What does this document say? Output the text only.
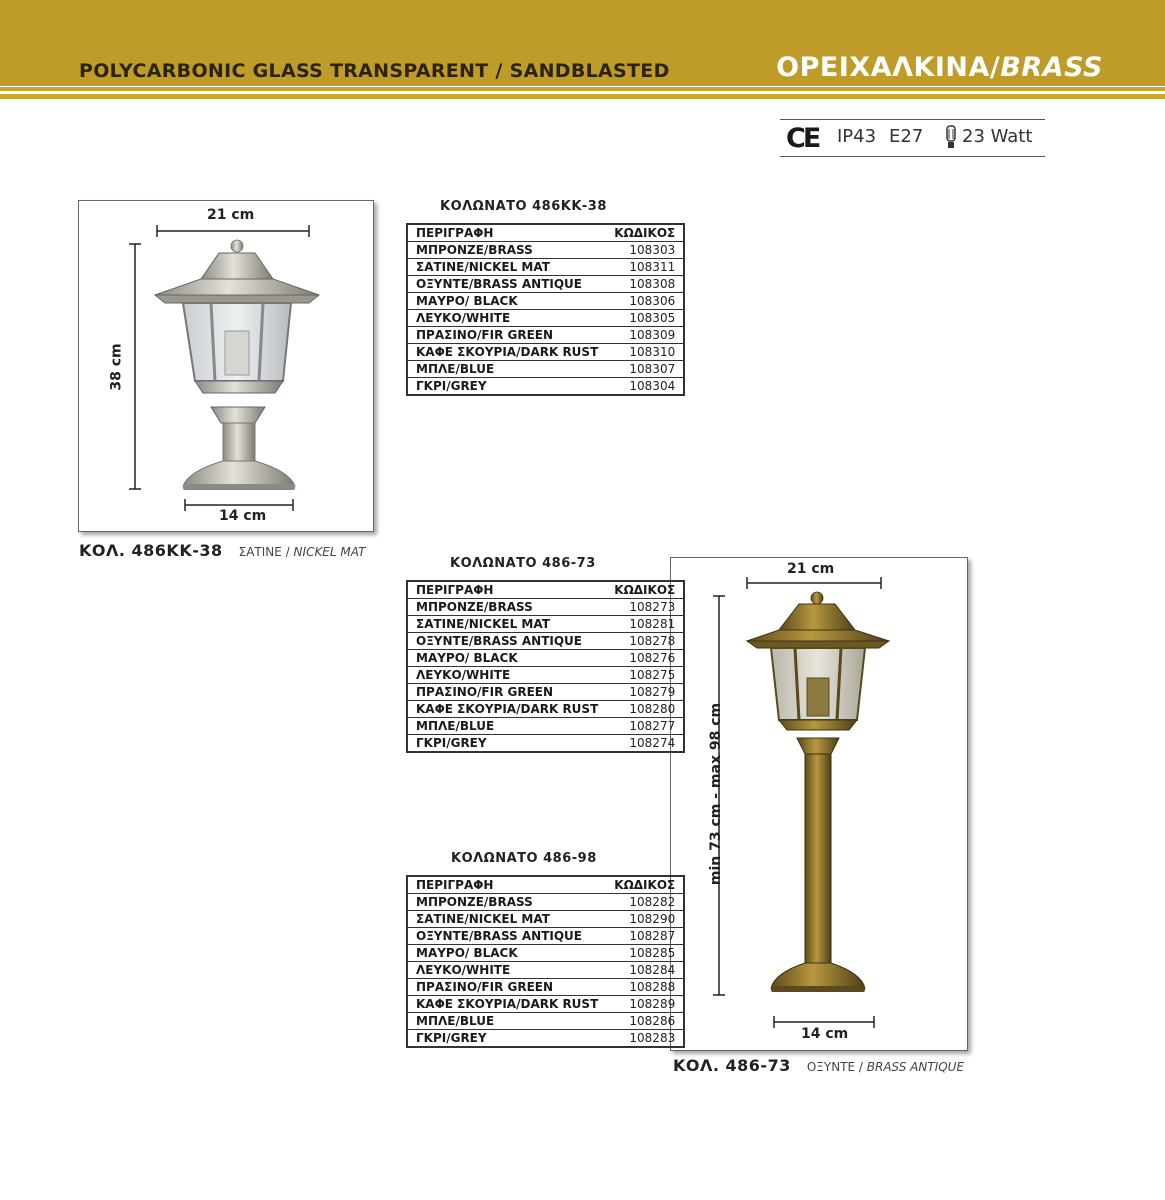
POLYCARBONIC GLASS TRANSPARENT / SANDBLASTED	ΟΡΕΙΧΑΛΚΙΝΑ/BRASS
CE IP43 E27 23 Watt
21 cm
38 cm
14 cm
ΚΟΛ. 486ΚΚ-38 ΣΑΤΙΝΕ / NICKEL MAT
21 cm
min 73 cm - max 98 cm
14 cm
ΚΟΛ. 486-73 ΟΞΥΝΤΕ / BRASS ANTIQUE
ΚΟΛΩΝΑΤΟ 486ΚΚ-38
ΠΕΡΙΓΡΑΦΗ	ΚΩΔΙΚΟΣ
ΜΠΡΟΝΖΕ/BRASS	108303
ΣΑΤΙΝΕ/NICKEL MAT	108311
ΟΞΥΝΤΕ/BRASS ANTIQUE	108308
ΜΑΥΡΟ/ BLACK	108306
ΛΕΥΚΟ/WHITE	108305
ΠΡΑΣΙΝΟ/FIR GREEN	108309
ΚΑΦΕ ΣΚΟΥΡΙΑ/DARK RUST	108310
ΜΠΛΕ/BLUE	108307
ΓΚΡΙ/GREY	108304
ΚΟΛΩΝΑΤΟ 486-73
ΠΕΡΙΓΡΑΦΗ	ΚΩΔΙΚΟΣ
ΜΠΡΟΝΖΕ/BRASS	108273
ΣΑΤΙΝΕ/NICKEL MAT	108281
ΟΞΥΝΤΕ/BRASS ANTIQUE	108278
ΜΑΥΡΟ/ BLACK	108276
ΛΕΥΚΟ/WHITE	108275
ΠΡΑΣΙΝΟ/FIR GREEN	108279
ΚΑΦΕ ΣΚΟΥΡΙΑ/DARK RUST	108280
ΜΠΛΕ/BLUE	108277
ΓΚΡΙ/GREY	108274
ΚΟΛΩΝΑΤΟ 486-98
ΠΕΡΙΓΡΑΦΗ	ΚΩΔΙΚΟΣ
ΜΠΡΟΝΖΕ/BRASS	108282
ΣΑΤΙΝΕ/NICKEL MAT	108290
ΟΞΥΝΤΕ/BRASS ANTIQUE	108287
ΜΑΥΡΟ/ BLACK	108285
ΛΕΥΚΟ/WHITE	108284
ΠΡΑΣΙΝΟ/FIR GREEN	108288
ΚΑΦΕ ΣΚΟΥΡΙΑ/DARK RUST	108289
ΜΠΛΕ/BLUE	108286
ΓΚΡΙ/GREY	108283
